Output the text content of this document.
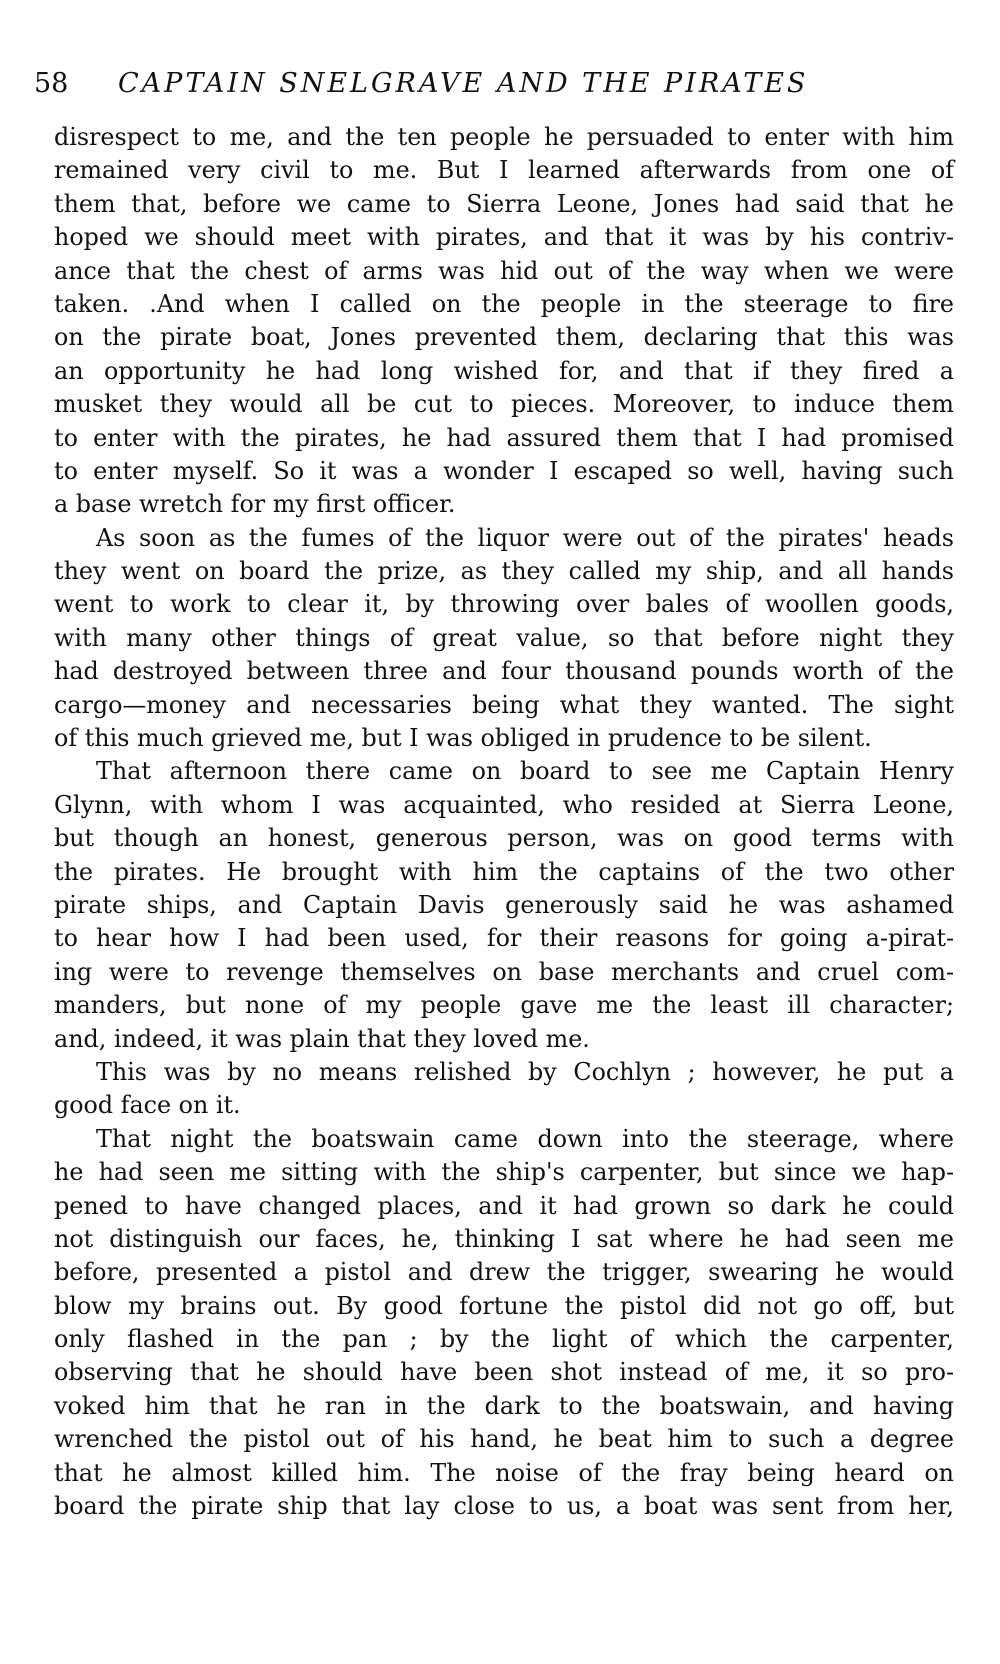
58 CAPTAIN SNELGRAVE AND THE PIRATES
disrespect to me, and the ten people he persuaded to enter with him
remained very civil to me. But I learned afterwards from one of
them that, before we came to Sierra Leone, Jones had said that he
hoped we should meet with pirates, and that it was by his contriv-
ance that the chest of arms was hid out of the way when we were
taken. .And when I called on the people in the steerage to fire
on the pirate boat, Jones prevented them, declaring that this was
an opportunity he had long wished for, and that if they fired a
musket they would all be cut to pieces. Moreover, to induce them
to enter with the pirates, he had assured them that I had promised
to enter myself. So it was a wonder I escaped so well, having such
a base wretch for my first officer.
As soon as the fumes of the liquor were out of the pirates' heads
they went on board the prize, as they called my ship, and all hands
went to work to clear it, by throwing over bales of woollen goods,
with many other things of great value, so that before night they
had destroyed between three and four thousand pounds worth of the
cargo—money and necessaries being what they wanted. The sight
of this much grieved me, but I was obliged in prudence to be silent.
That afternoon there came on board to see me Captain Henry
Glynn, with whom I was acquainted, who resided at Sierra Leone,
but though an honest, generous person, was on good terms with
the pirates. He brought with him the captains of the two other
pirate ships, and Captain Davis generously said he was ashamed
to hear how I had been used, for their reasons for going a-pirat-
ing were to revenge themselves on base merchants and cruel com-
manders, but none of my people gave me the least ill character;
and, indeed, it was plain that they loved me.
This was by no means relished by Cochlyn ; however, he put a
good face on it.
That night the boatswain came down into the steerage, where
he had seen me sitting with the ship's carpenter, but since we hap-
pened to have changed places, and it had grown so dark he could
not distinguish our faces, he, thinking I sat where he had seen me
before, presented a pistol and drew the trigger, swearing he would
blow my brains out. By good fortune the pistol did not go off, but
only flashed in the pan ; by the light of which the carpenter,
observing that he should have been shot instead of me, it so pro-
voked him that he ran in the dark to the boatswain, and having
wrenched the pistol out of his hand, he beat him to such a degree
that he almost killed him. The noise of the fray being heard on
board the pirate ship that lay close to us, a boat was sent from her,
